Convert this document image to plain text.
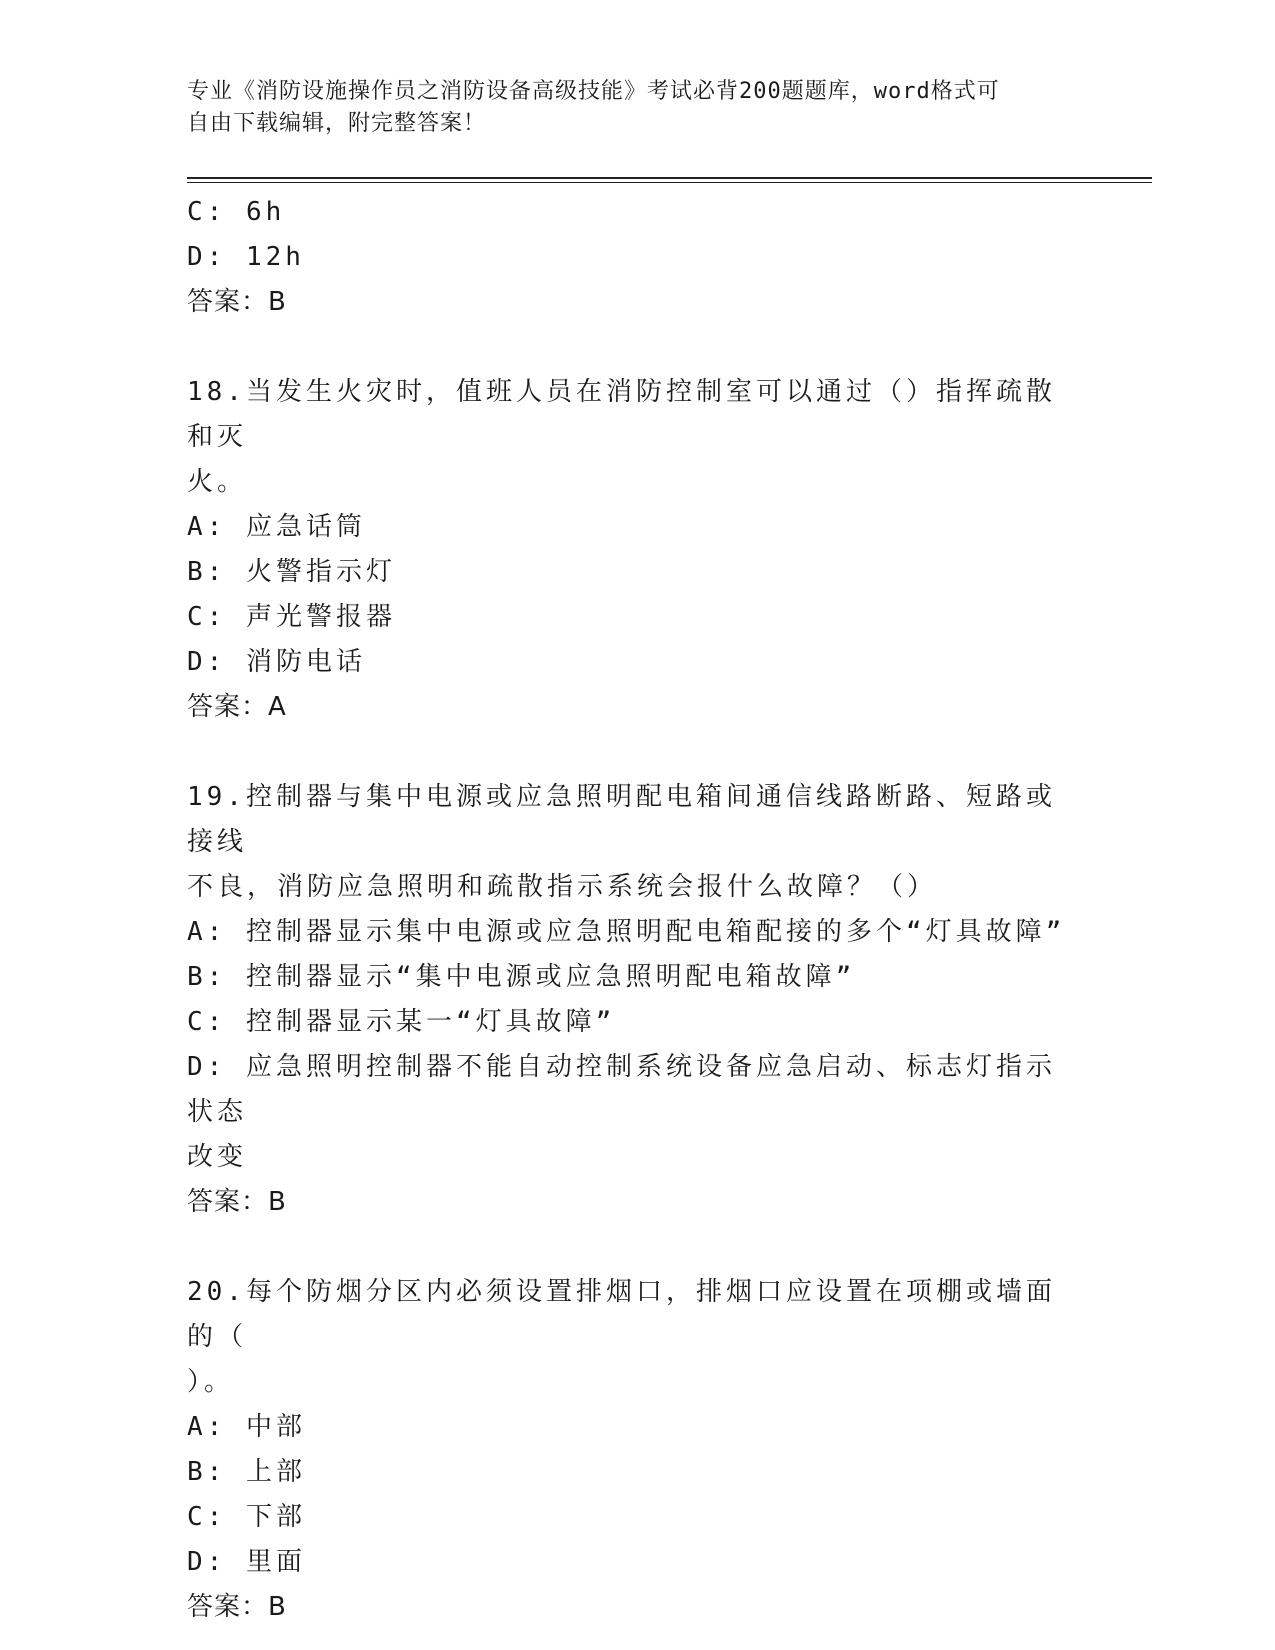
专业《消防设施操作员之消防设备高级技能》考试必背200题题库，word格式可
自由下载编辑，附完整答案！
C: 6h
D: 12h
答案：B
18.当发生火灾时，值班人员在消防控制室可以通过（）指挥疏散和灭
火。
A: 应急话筒
B: 火警指示灯
C: 声光警报器
D: 消防电话
答案：A
19.控制器与集中电源或应急照明配电箱间通信线路断路、短路或接线
不良，消防应急照明和疏散指示系统会报什么故障？（）
A: 控制器显示集中电源或应急照明配电箱配接的多个“灯具故障”
B: 控制器显示“集中电源或应急照明配电箱故障”
C: 控制器显示某一“灯具故障”
D: 应急照明控制器不能自动控制系统设备应急启动、标志灯指示状态
改变
答案：B
20.每个防烟分区内必须设置排烟口，排烟口应设置在项棚或墙面的（
）。
A: 中部
B: 上部
C: 下部
D: 里面
答案：B
